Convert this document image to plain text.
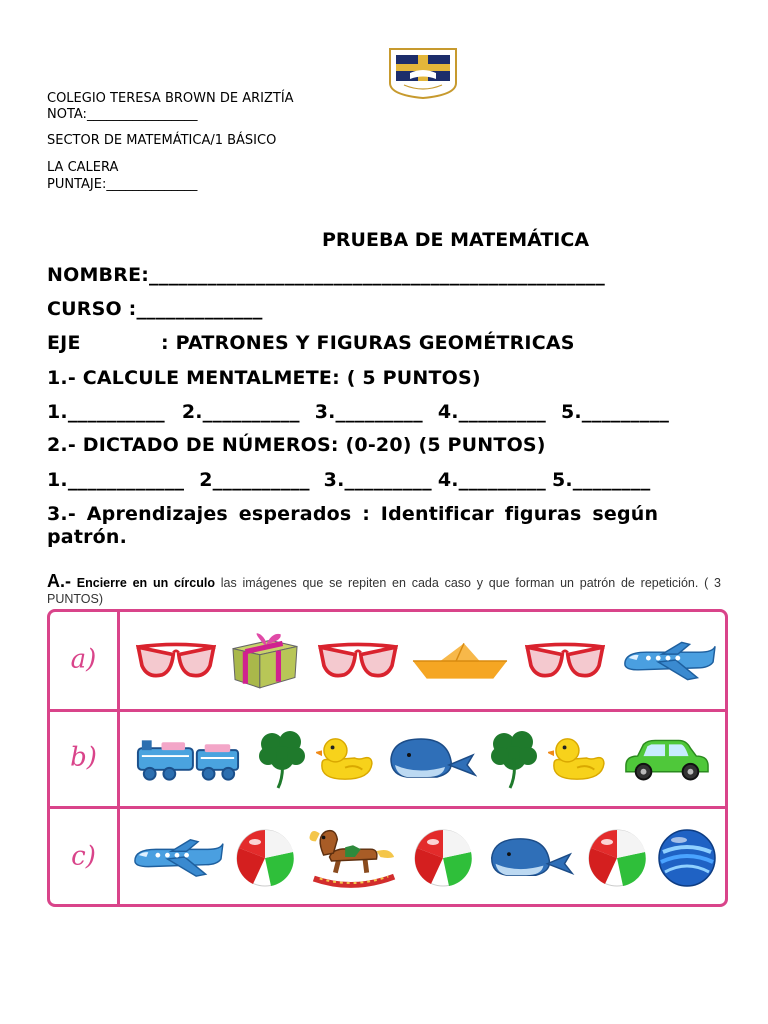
COLEGIO TERESA BROWN DE ARIZTÍA
NOTA:_________________
SECTOR DE MATEMÁTICA/1 BÁSICO
LA CALERA
PUNTAJE:______________
PRUEBA DE MATEMÁTICA
NOMBRE:_______________________________________________
CURSO :_____________
EJE	: PATRONES Y FIGURAS GEOMÉTRICAS
1.- CALCULE MENTALMETE: ( 5 PUNTOS)
1.__________ 2.__________ 3._________ 4._________ 5._________
2.- DICTADO DE NÚMEROS: (0-20) (5 PUNTOS)
1.____________ 2__________ 3._________ 4._________ 5.________
3.- Aprendizajes esperados : Identificar figuras según patrón.
A.- Encierre en un círculo las imágenes que se repiten en cada caso y que forman un patrón de repetición. ( 3 PUNTOS)
a)
b)
c)
